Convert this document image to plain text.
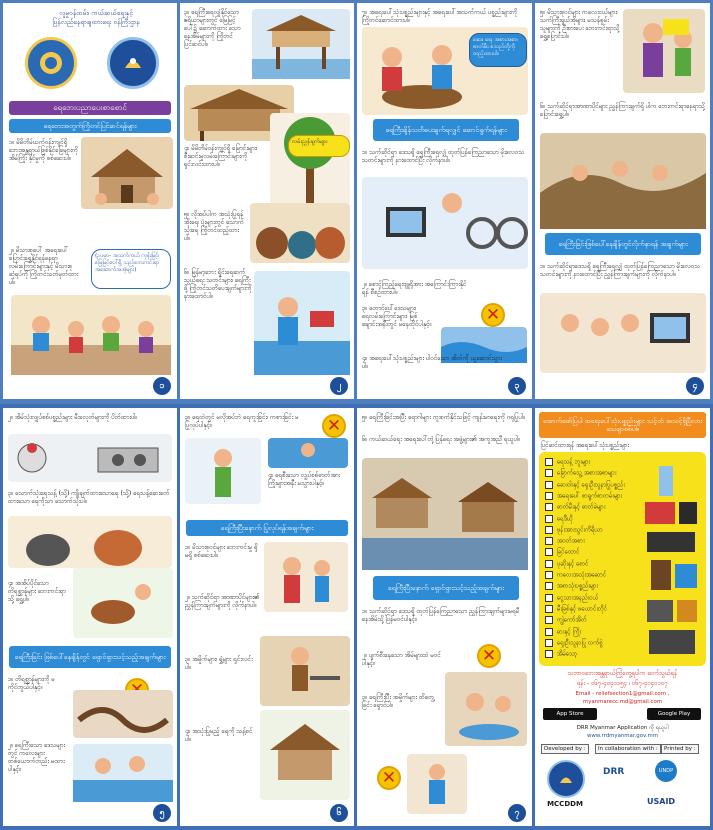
လူမှုဝန်ထမ်း၊ ကယ်ဆယ်ရေးနှင့်
ပြန်လည်နေရာချထားရေး ဝန်ကြီးဌာန
ရေဘေးပညာပေးစာစောင်
ရေဘေးအတွက်ကြိုတင်ပြင်ဆင်ရန်များ
၁။ မိမိတိမ်ယက်ဝန်းကျင်ရှိ ဘေးအန္တရာယ်ဖြစ်နိုင်ခြေများကိုအိမ်ကြိုး နိုင်မှုကို စစ်ဆေးပါ။
၂။ မိသားစုပေါ် အရေးပေါ် ပြောင်းရွှေ့နိုင်ရန်နေရာ လမ်းကြောင်းများနှင့် မိသားစုဆုံရပ်ကို ကြိုတင်သတ်မှတ်ထားပါ။
(ဥပမာ- အသက်ကယ် ကုန်းမြင့်၊ မြေမြင့်ပေါ်ရှိ သည့်ဘေးကင်းရာ အဆောက်အအုံများ)
၁
၃။ ရေကြီးရေလျှံနိုင်သော ဧရိယာများတွင် မြေမြင့်ပေါ်၌ ဆောက်ထား သောနေအိမ်များကို ကြိုတင်ပြင်ဆင်ပါ။
လမ်းညွှန်ချက်များ
၄။ မိမိတိမ်ဝန်းကျင်ရှိ မြောင်းများ၊ စီးဆင်းမှုလမ်းကြောင်းများကို ရှင်းလင်းထားပါ။
၅။ လိုအပ်ပါက အသုံးပြုရန် အိုးရေ၊ ပုံးများတွင် သောက်သုံးရေ ကြိုတင်ထည့်ထားပါ။
၆။ မြန်မာ့ဘေး ရှိုင်းရေဆက်သွယ်ရေး သတင်းများ၊ ရေကြီးဖို့ ကြိုတင်သတိပေးချက်များကို နားထောင်ပါ။
၂
၇။ အရေးပေါ်သုံးပစ္စည်းများနှင့် အရေးပေါ်အသက်ကယ် ပစ္စည်းများကို ကြိုတင်ဆောင်ထားပါ။
ဆေး၊ ရေ၊ အစားအစာ၊ ဓာတ်မီး စသည်တို့ကို ထည့်ထားပါ။
ရေကြီးချိန်သတိပေးချက်ရလျှင် ဆောင်ရွက်ရန်များ
၁။ သက်ဆိုင်ရာ ဒေသရှိ ရေကြီးရေလျှံ ထုတ်ပြန်ကြေညာသော မိုးလေဝသ သတင်းများကို နားထောင်ပြီး လိုက်နာပါ။
၂။ စောင့်ကြည့်ရေးဗျူရိုအား အကြောင်းကြားနိုင်ရန် စီစဉ်ထားပါ။
✕
၃။ တောင်ပေါ်ဒေသများ၊ ရေလမ်းကြောင်းများ၊ မြစ်ချောင်းအနီးတွင် မနေထိုင်ပါနှင့်။
၄။ အရေးပေါ်သုံးပစ္စည်းများ ပါဝင်သော အိတ်ကို ယူဆောင်သွားပါ။
၃
၅။ မိသားစုဝင်များ ကလေးငယ်များ၊ သက်ကြီးရွယ်အိုများ၊ မသန်စွမ်းသူများကို ဦးစားပေး ဘေးကင်းရာသို့ ရွှေ့ပြောင်းပါ။
၆။ သက်ဆိုင်ရာအာဏာပိုင်များ ညွှန်ကြားချက်ရှိ ပါက ဘေးကင်းရာနေရာသို့ ပြောင်းရွှေ့ပါ။
ရေကြီးခြင်းဖြစ်ပေါ်နေချိန်တွင်လိုက်နာရန် အချက်များ
၁။ သက်ဆိုင်ရာဒေသရှိ ရေကြီးရေလျှံ ထုတ်ပြန်ကြေညာသော မိုးလေဝသ သတင်းများကို နားထောင်ပြီး ညွှန်ကြားချက်များကို လိုက်နာပါ။
၄
၂။ အိမ်သုံးလျှပ်စစ်ပစ္စည်းများ မီးခလုတ်များကို ပိတ်ထားပါ။
၃။ သောက်သုံးရေသန့် (သို့) ကျိုချက်ထားသောရေ (သို့) ရေသန့်ဆေးခတ်ထားသော ရေကိုသာ သောက်သုံးပါ။
၄။ အအိပ်ပိုင်သော တိရစ္ဆာန်များ ဘေးကင်းရာသို့ ရွှေ့ပါ။
ရေကြီးခြင်း ဖြစ်ပေါ်နေချိန်တွင် ရှောင်ရှားသင့်သည့်အချက်များ
၁။ တိရစ္ဆာန်များကို မကိုင်တွယ်ပါနှင့်။
၂။ ရေကြီးသော ဒေသများတွင် ကလေးများ တစ်ယောက်တည်း မထားပါနှင့်။
၅
၃။ ရေထဲတွင် မလိုအပ်ဘဲ ရေကူးခြင်း၊ ကစားခြင်း မပြုလုပ်ပါနှင့်။	✕
၄။ ရေစီးသော လျှပ်စစ်ဓာတ်အား ကြိုးများအနီး မသွားပါနှင့်။
ရေကြီးပြီးနောက် ပြုလုပ်ရန်အချက်များ
၁။ မိသားစုဝင်များ ဘေးကင်းမှု ရှိမရှိ စစ်ဆေးပါ။
၂။ သက်ဆိုင်ရာ အာဏာပိုင်များ၏ ညွှန်ကြားချက်များကို လိုက်နာပါ။
၃။ အမှိုက်များ၊ ရွှံ့များ ရှင်းလင်းပါ။
၄။ အသုံးပြုမည့် ရေကို သန့်စင်ပါ။
၆
၅။ ရေကြီးခြင်းအပြီး ရောဂါများ ကူးစက်နိုင်သဖြင့် ကျန်းမာရေးကို ဂရုပြုပါ။
၆။ ကယ်ဆယ်ရေး အရေးပေါ်တုံ့ပြန်ရေး အဖွဲ့များ၏ အကူအညီ ရယူပါ။
ရေကြီးပြီးနောက် ရှောင်ရှားသင့်သည့်အချက်များ
၁။ သက်ဆိုင်ရာ ဒေသရှိ ထုတ်ပြန်ကြေညာသော ညွှန်ကြားချက်များမရမီ နေအိမ်သို့ ပြန်မဝင်ပါနှင့်။
✕
၂။ ပျက်စီးနေသော အိမ်များထဲ မဝင်ပါနှင့်။
၃။ ရေကြီးပြီး အမှိုက်များ ထိတွေ့ခြင်း ရှောင်ပါ။
✕
၇
အောက်ဖော်ပြပါ အရေးပေါ်သုံးပစ္စည်းများ သင့်ထံ အသင့်ရှိပြီလား သေချာစစ်ပါ။
ပြင်ဆင်ထားရန် အရေးပေါ်သုံးပစ္စည်းများ
သဘာဝဘေးအန္တရာယ်ကြုံတွေ့ရပါက ဆက်သွယ်ရန်
ဖုန်း - ၀၆၇-၄၀၄၀၁၅၄ ၊ ၀၆၇-၄၀၄၀၁၀၇
Email - reliefsection1@gmail.com , myanmarecc.md@gmail.com
App Store	Google Play
DRR Myanmar Application ကို ရယူပါ
www.rrdmyanmar.gov.mm
Developed by :	In collaboration with :	Printed by :
MCCDDM
DRR	UNDP
USAID
ရေသန့် ဘူးများ
ခြောက်သွေ့ အစားအစာများ
ဆေးဝါးနှင့် ရှေးဦးသူနာပြုပစ္စည်း
အရေးပေါ် စာရွက်စာတမ်းများ
ဓာတ်မီးနှင့် ဓာတ်ခဲများ
ရေဒီယို
ဖုန်းအားသွင်းကိရိယာ
အဝတ်အစား
ခြင်ထောင်
ပုဆိုးနှင့် စောင်
ကလေးအသုံးအဆောင်
အစာသုံးပစ္စည်းများ
ငွေသားအနည်းငယ်
မီးခြစ်နှင့် ဖယောင်းတိုင်
ကျွဲကော်အိတ်
ဓားနှင့် ကြိုး
ရှေးဦးသူနာပြု လက်စွဲ
အိမ်သော့
